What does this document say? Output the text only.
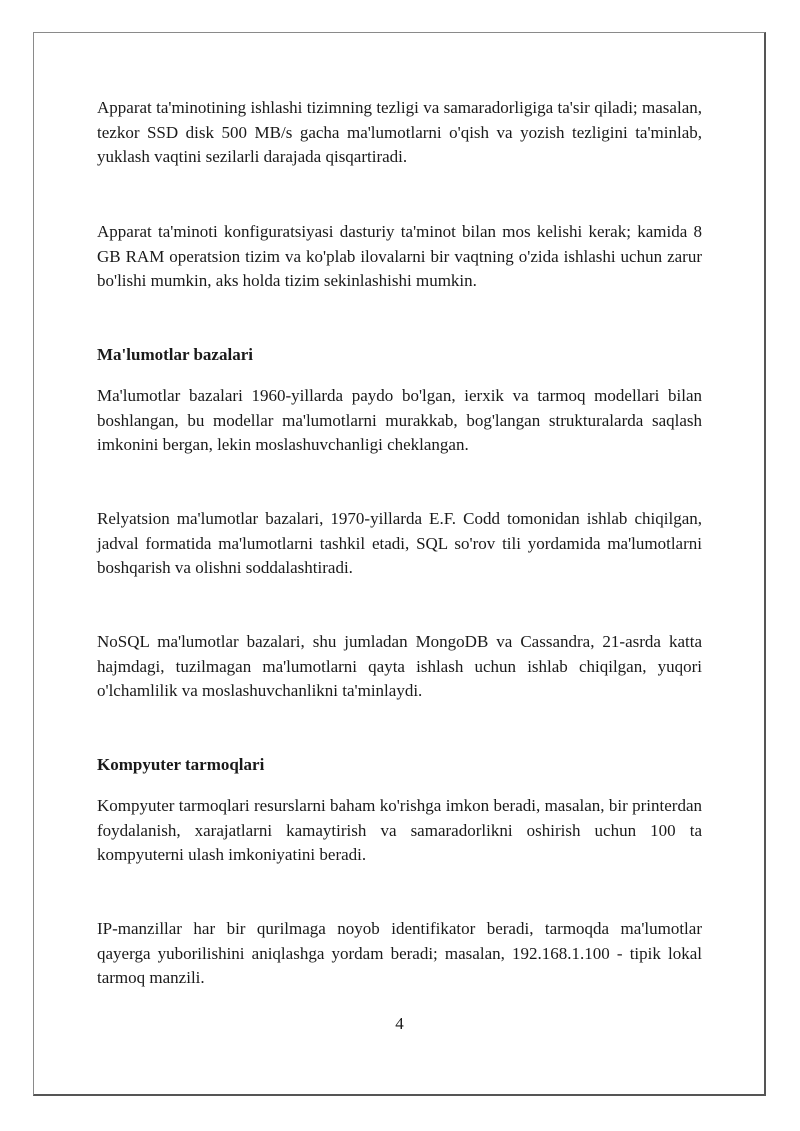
Apparat ta'minotining ishlashi tizimning tezligi va samaradorligiga ta'sir qiladi; masalan, tezkor SSD disk 500 MB/s gacha ma'lumotlarni o'qish va yozish tezligini ta'minlab, yuklash vaqtini sezilarli darajada qisqartiradi.

Apparat ta'minoti konfiguratsiyasi dasturiy ta'minot bilan mos kelishi kerak; kamida 8 GB RAM operatsion tizim va ko'plab ilovalarni bir vaqtning o'zida ishlashi uchun zarur bo'lishi mumkin, aks holda tizim sekinlashishi mumkin.

Ma'lumotlar bazalari

Ma'lumotlar bazalari 1960-yillarda paydo bo'lgan, ierxik va tarmoq modellari bilan boshlangan, bu modellar ma'lumotlarni murakkab, bog'langan strukturalarda saqlash imkonini bergan, lekin moslashuvchanligi cheklangan.

Relyatsion ma'lumotlar bazalari, 1970-yillarda E.F. Codd tomonidan ishlab chiqilgan, jadval formatida ma'lumotlarni tashkil etadi, SQL so'rov tili yordamida ma'lumotlarni boshqarish va olishni soddalashtiradi.

NoSQL ma'lumotlar bazalari, shu jumladan MongoDB va Cassandra, 21-asrda katta hajmdagi, tuzilmagan ma'lumotlarni qayta ishlash uchun ishlab chiqilgan, yuqori o'lchamlilik va moslashuvchanlikni ta'minlaydi.

Kompyuter tarmoqlari

Kompyuter tarmoqlari resurslarni baham ko'rishga imkon beradi, masalan, bir printerdan foydalanish, xarajatlarni kamaytirish va samaradorlikni oshirish uchun 100 ta kompyuterni ulash imkoniyatini beradi.

IP-manzillar har bir qurilmaga noyob identifikator beradi, tarmoqda ma'lumotlar qayerga yuborilishini aniqlashga yordam beradi; masalan, 192.168.1.100 - tipik lokal tarmoq manzili.

4
